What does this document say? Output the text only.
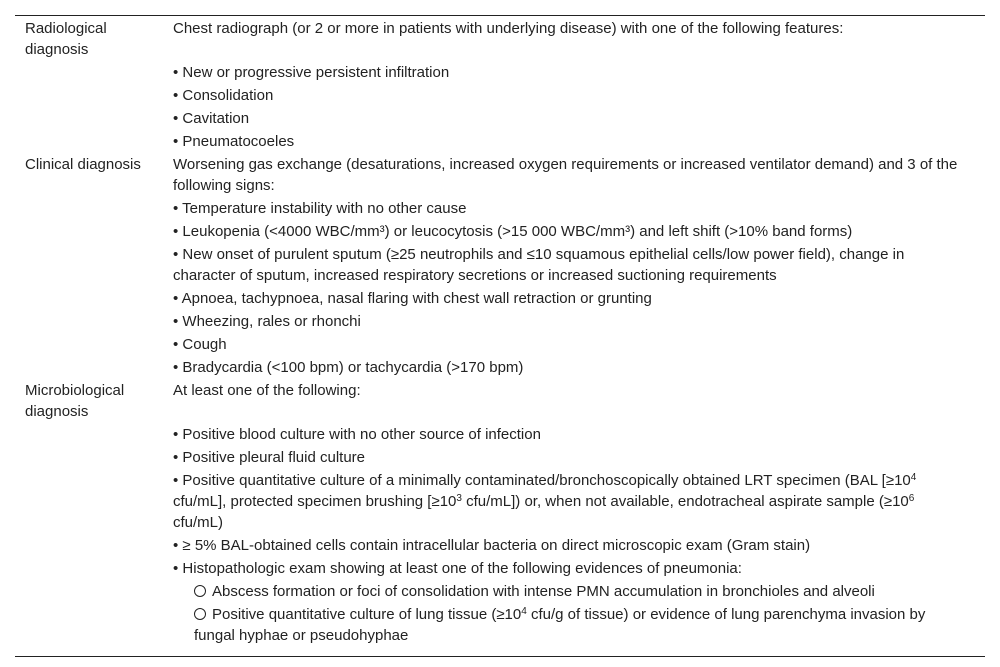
Radiological diagnosis
Chest radiograph (or 2 or more in patients with underlying disease) with one of the following features:
• New or progressive persistent infiltration
• Consolidation
• Cavitation
• Pneumatocoeles
Clinical diagnosis	Worsening gas exchange (desaturations, increased oxygen requirements or increased ventilator demand) and 3 of the following signs:
• Temperature instability with no other cause
• Leukopenia (<4000 WBC/mm³) or leucocytosis (>15 000 WBC/mm³) and left shift (>10% band forms)
• New onset of purulent sputum (≥25 neutrophils and ≤10 squamous epithelial cells/low power field), change in character of sputum, increased respiratory secretions or increased suctioning requirements
• Apnoea, tachypnoea, nasal flaring with chest wall retraction or grunting
• Wheezing, rales or rhonchi
• Cough
• Bradycardia (<100 bpm) or tachycardia (>170 bpm)
Microbiological diagnosis
At least one of the following:
• Positive blood culture with no other source of infection
• Positive pleural fluid culture
• Positive quantitative culture of a minimally contaminated/bronchoscopically obtained LRT specimen (BAL [$\ge 10^4$ cfu/mL], protected specimen brushing [$\ge 10^3$ cfu/mL]) or, when not available, endotracheal aspirate sample ($\ge 10^6$ cfu/mL)
• ≥ 5% BAL-obtained cells contain intracellular bacteria on direct microscopic exam (Gram stain)
• Histopathologic exam showing at least one of the following evidences of pneumonia:
Abscess formation or foci of consolidation with intense PMN accumulation in bronchioles and alveoli
Positive quantitative culture of lung tissue ($\ge 10^4$ cfu/g of tissue) or evidence of lung parenchyma invasion by fungal hyphae or pseudohyphae
